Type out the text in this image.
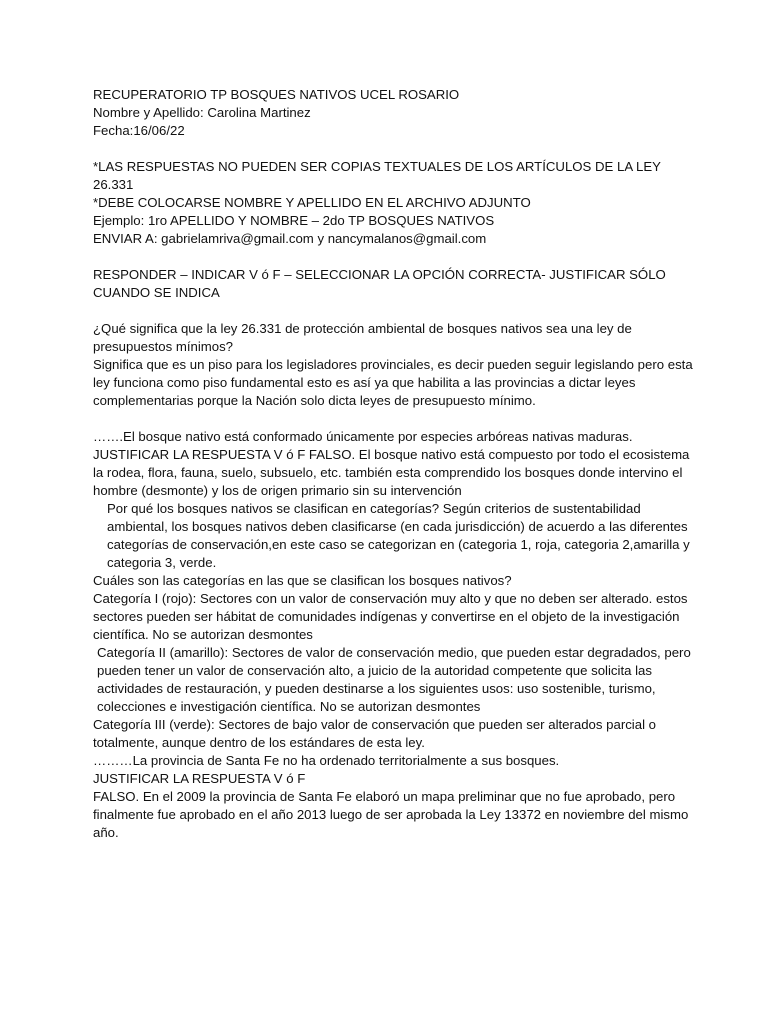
RECUPERATORIO TP BOSQUES NATIVOS UCEL ROSARIO

Nombre y Apellido: Carolina Martinez

Fecha:16/06/22

*LAS RESPUESTAS NO PUEDEN SER COPIAS TEXTUALES DE LOS ARTÍCULOS DE LA LEY 26.331

*DEBE COLOCARSE NOMBRE Y APELLIDO EN EL ARCHIVO ADJUNTO

Ejemplo: 1ro APELLIDO Y NOMBRE – 2do TP BOSQUES NATIVOS

ENVIAR A: gabrielamriva@gmail.com y nancymalanos@gmail.com

RESPONDER – INDICAR V ó F – SELECCIONAR LA OPCIÓN CORRECTA- JUSTIFICAR SÓLO CUANDO SE INDICA

¿Qué significa que la ley 26.331 de protección ambiental de bosques nativos sea una ley de presupuestos mínimos?

Significa que es un piso para los legisladores provinciales, es decir pueden seguir legislando pero esta ley funciona como piso fundamental esto es así ya que habilita a las provincias a dictar leyes complementarias porque la Nación solo dicta leyes de presupuesto mínimo.

…….El bosque nativo está conformado únicamente por especies arbóreas nativas maduras.

JUSTIFICAR LA RESPUESTA V ó F FALSO. El bosque nativo está compuesto por todo el ecosistema la rodea, flora, fauna, suelo, subsuelo, etc. también esta comprendido los bosques donde intervino el hombre (desmonte) y los de origen primario sin su intervención

Por qué los bosques nativos se clasifican en categorías? Según criterios de sustentabilidad ambiental, los bosques nativos deben clasificarse (en cada jurisdicción) de acuerdo a las diferentes categorías de conservación,en este caso se categorizan en (categoria 1, roja, categoria 2,amarilla y categoria 3, verde.

Cuáles son las categorías en las que se clasifican los bosques nativos?

Categoría I (rojo): Sectores con un valor de conservación muy alto y que no deben ser alterado. estos sectores pueden ser hábitat de comunidades indígenas y convertirse en el objeto de la investigación científica. No se autorizan desmontes

Categoría II (amarillo): Sectores de valor de conservación medio, que pueden estar degradados, pero pueden tener un valor de conservación alto, a juicio de la autoridad competente que solicita las actividades de restauración, y pueden destinarse a los siguientes usos: uso sostenible, turismo, colecciones e investigación científica. No se autorizan desmontes

Categoría III (verde): Sectores de bajo valor de conservación que pueden ser alterados parcial o totalmente, aunque dentro de los estándares de esta ley.

………La provincia de Santa Fe no ha ordenado territorialmente a sus bosques.

JUSTIFICAR LA RESPUESTA V ó F

FALSO. En el 2009 la provincia de Santa Fe elaboró un mapa preliminar que no fue aprobado, pero finalmente fue aprobado en el año 2013 luego de ser aprobada la Ley 13372 en noviembre del mismo año.
